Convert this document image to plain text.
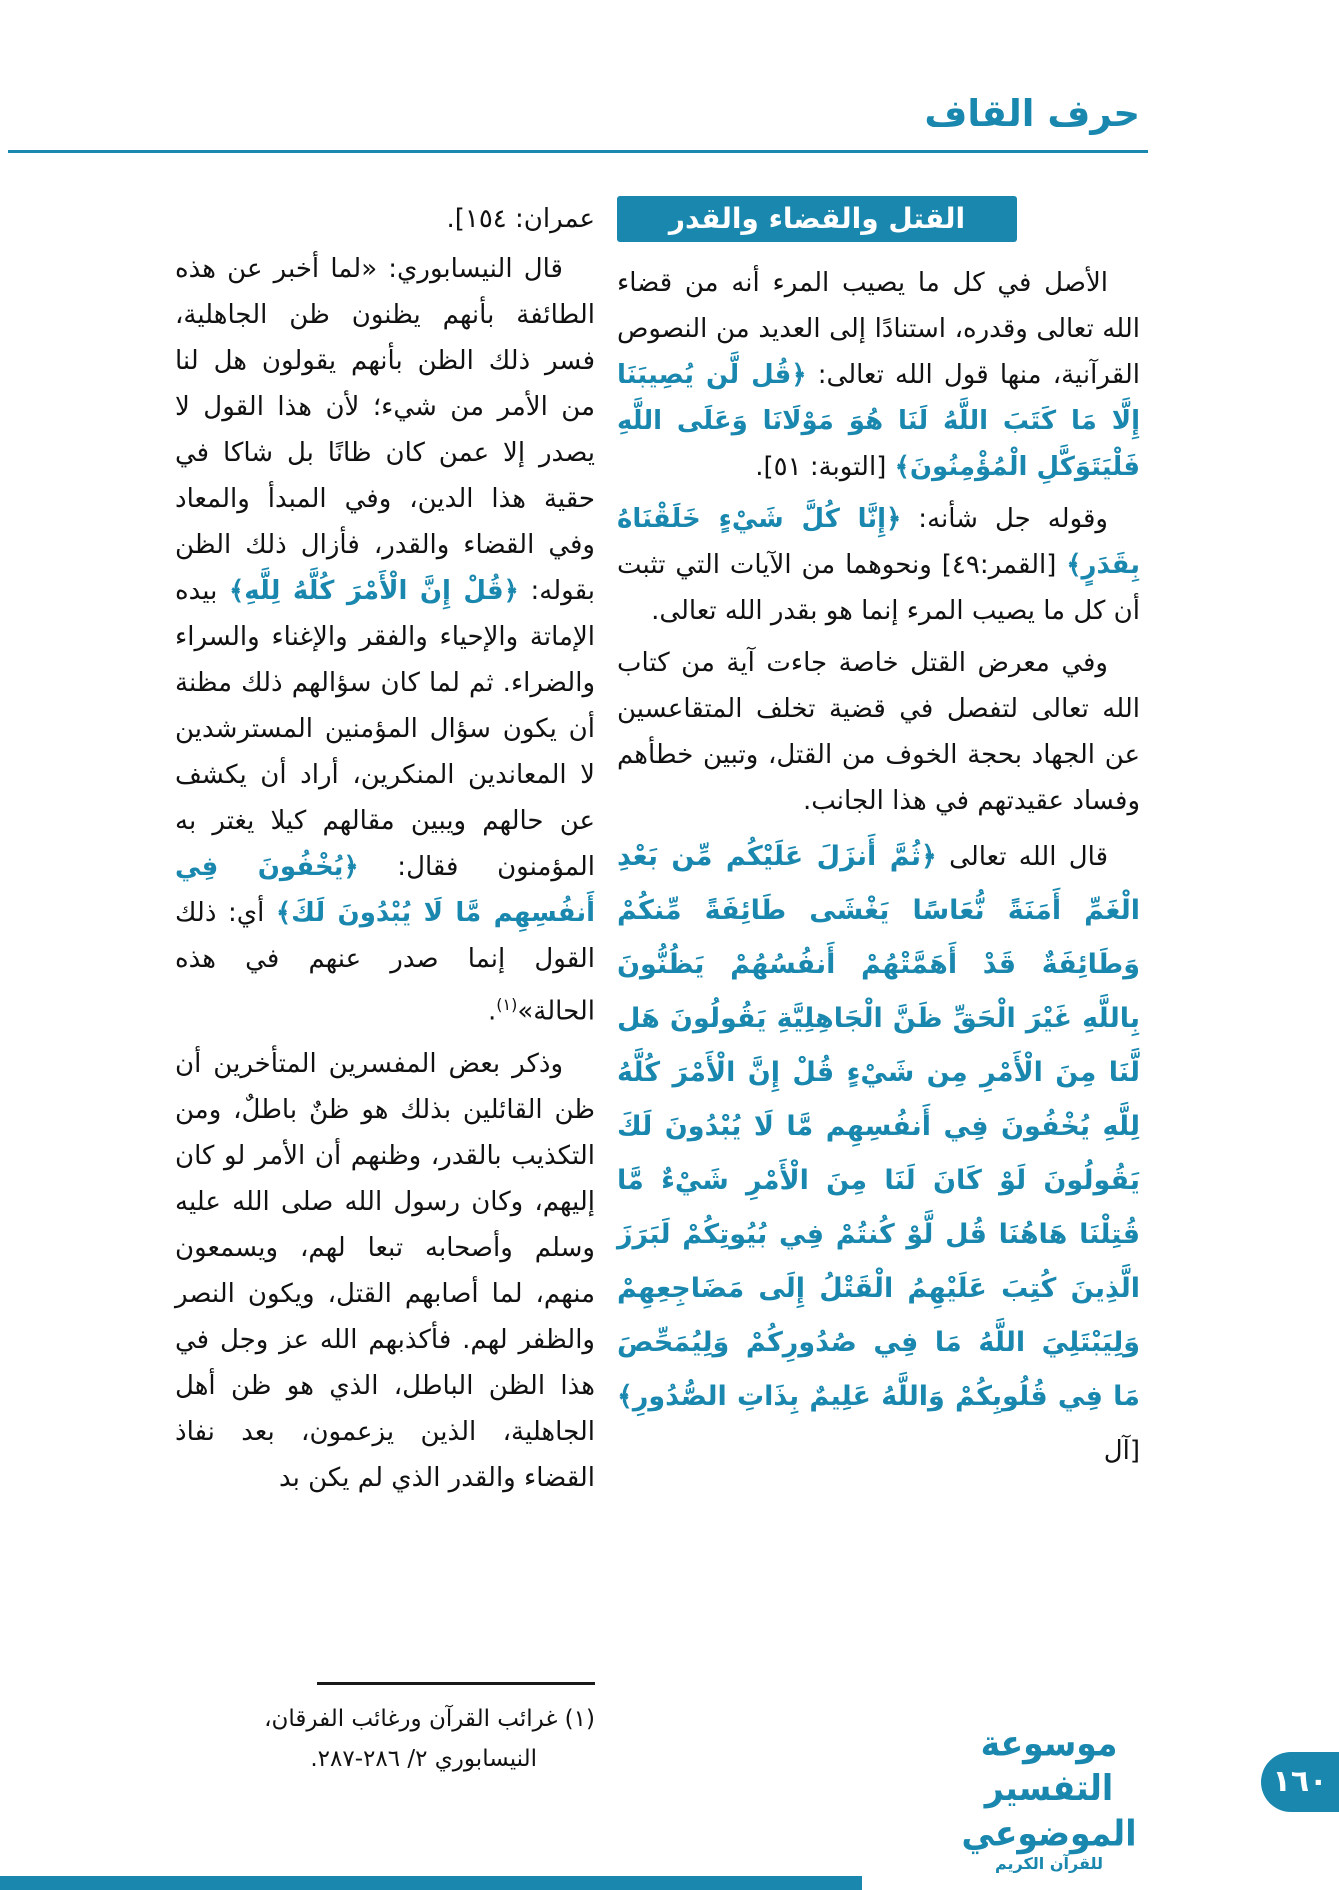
حرف القاف
القتل والقضاء والقدر

الأصل في كل ما يصيب المرء أنه من قضاء الله تعالى وقدره، استنادًا إلى العديد من النصوص القرآنية، منها قول الله تعالى: ﴿قُل لَّن يُصِيبَنَا إِلَّا مَا كَتَبَ اللَّهُ لَنَا هُوَ مَوْلَانَا وَعَلَى اللَّهِ فَلْيَتَوَكَّلِ الْمُؤْمِنُونَ﴾ [التوبة: ٥١].

وقوله جل شأنه: ﴿إِنَّا كُلَّ شَيْءٍ خَلَقْنَاهُ بِقَدَرٍ﴾ [القمر:٤٩] ونحوهما من الآيات التي تثبت أن كل ما يصيب المرء إنما هو بقدر الله تعالى.

وفي معرض القتل خاصة جاءت آية من كتاب الله تعالى لتفصل في قضية تخلف المتقاعسين عن الجهاد بحجة الخوف من القتل، وتبين خطأهم وفساد عقيدتهم في هذا الجانب.

قال الله تعالى ﴿ثُمَّ أَنزَلَ عَلَيْكُم مِّن بَعْدِ الْغَمِّ أَمَنَةً نُّعَاسًا يَغْشَى طَائِفَةً مِّنكُمْ وَطَائِفَةٌ قَدْ أَهَمَّتْهُمْ أَنفُسُهُمْ يَظُنُّونَ بِاللَّهِ غَيْرَ الْحَقِّ ظَنَّ الْجَاهِلِيَّةِ يَقُولُونَ هَل لَّنَا مِنَ الْأَمْرِ مِن شَيْءٍ قُلْ إِنَّ الْأَمْرَ كُلَّهُ لِلَّهِ يُخْفُونَ فِي أَنفُسِهِم مَّا لَا يُبْدُونَ لَكَ يَقُولُونَ لَوْ كَانَ لَنَا مِنَ الْأَمْرِ شَيْءٌ مَّا قُتِلْنَا هَاهُنَا قُل لَّوْ كُنتُمْ فِي بُيُوتِكُمْ لَبَرَزَ الَّذِينَ كُتِبَ عَلَيْهِمُ الْقَتْلُ إِلَى مَضَاجِعِهِمْ وَلِيَبْتَلِيَ اللَّهُ مَا فِي صُدُورِكُمْ وَلِيُمَحِّصَ مَا فِي قُلُوبِكُمْ وَاللَّهُ عَلِيمٌ بِذَاتِ الصُّدُورِ﴾ [آل

عمران: ١٥٤].

قال النيسابوري: «لما أخبر عن هذه الطائفة بأنهم يظنون ظن الجاهلية، فسر ذلك الظن بأنهم يقولون هل لنا من الأمر من شيء؛ لأن هذا القول لا يصدر إلا عمن كان ظانًا بل شاكا في حقية هذا الدين، وفي المبدأ والمعاد وفي القضاء والقدر، فأزال ذلك الظن بقوله: ﴿قُلْ إِنَّ الْأَمْرَ كُلَّهُ لِلَّهِ﴾ بيده الإماتة والإحياء والفقر والإغناء والسراء والضراء. ثم لما كان سؤالهم ذلك مظنة أن يكون سؤال المؤمنين المسترشدين لا المعاندين المنكرين، أراد أن يكشف عن حالهم ويبين مقالهم كيلا يغتر به المؤمنون فقال: ﴿يُخْفُونَ فِي أَنفُسِهِم مَّا لَا يُبْدُونَ لَكَ﴾ أي: ذلك القول إنما صدر عنهم في هذه الحالة»$^{(١)}$.

وذكر بعض المفسرين المتأخرين أن ظن القائلين بذلك هو ظنٌ باطلٌ، ومن التكذيب بالقدر، وظنهم أن الأمر لو كان إليهم، وكان رسول الله صلى الله عليه وسلم وأصحابه تبعا لهم، ويسمعون منهم، لما أصابهم القتل، ويكون النصر والظفر لهم. فأكذبهم الله عز وجل في هذا الظن الباطل، الذي هو ظن أهل الجاهلية، الذين يزعمون، بعد نفاذ القضاء والقدر الذي لم يكن بد

(١) غرائب القرآن ورغائب الفرقان، النيسابوري ٢/ ٢٨٦-٢٨٧.	موسوعة التفسير الموضوعي
للقرآن الكريم
١٦٠
